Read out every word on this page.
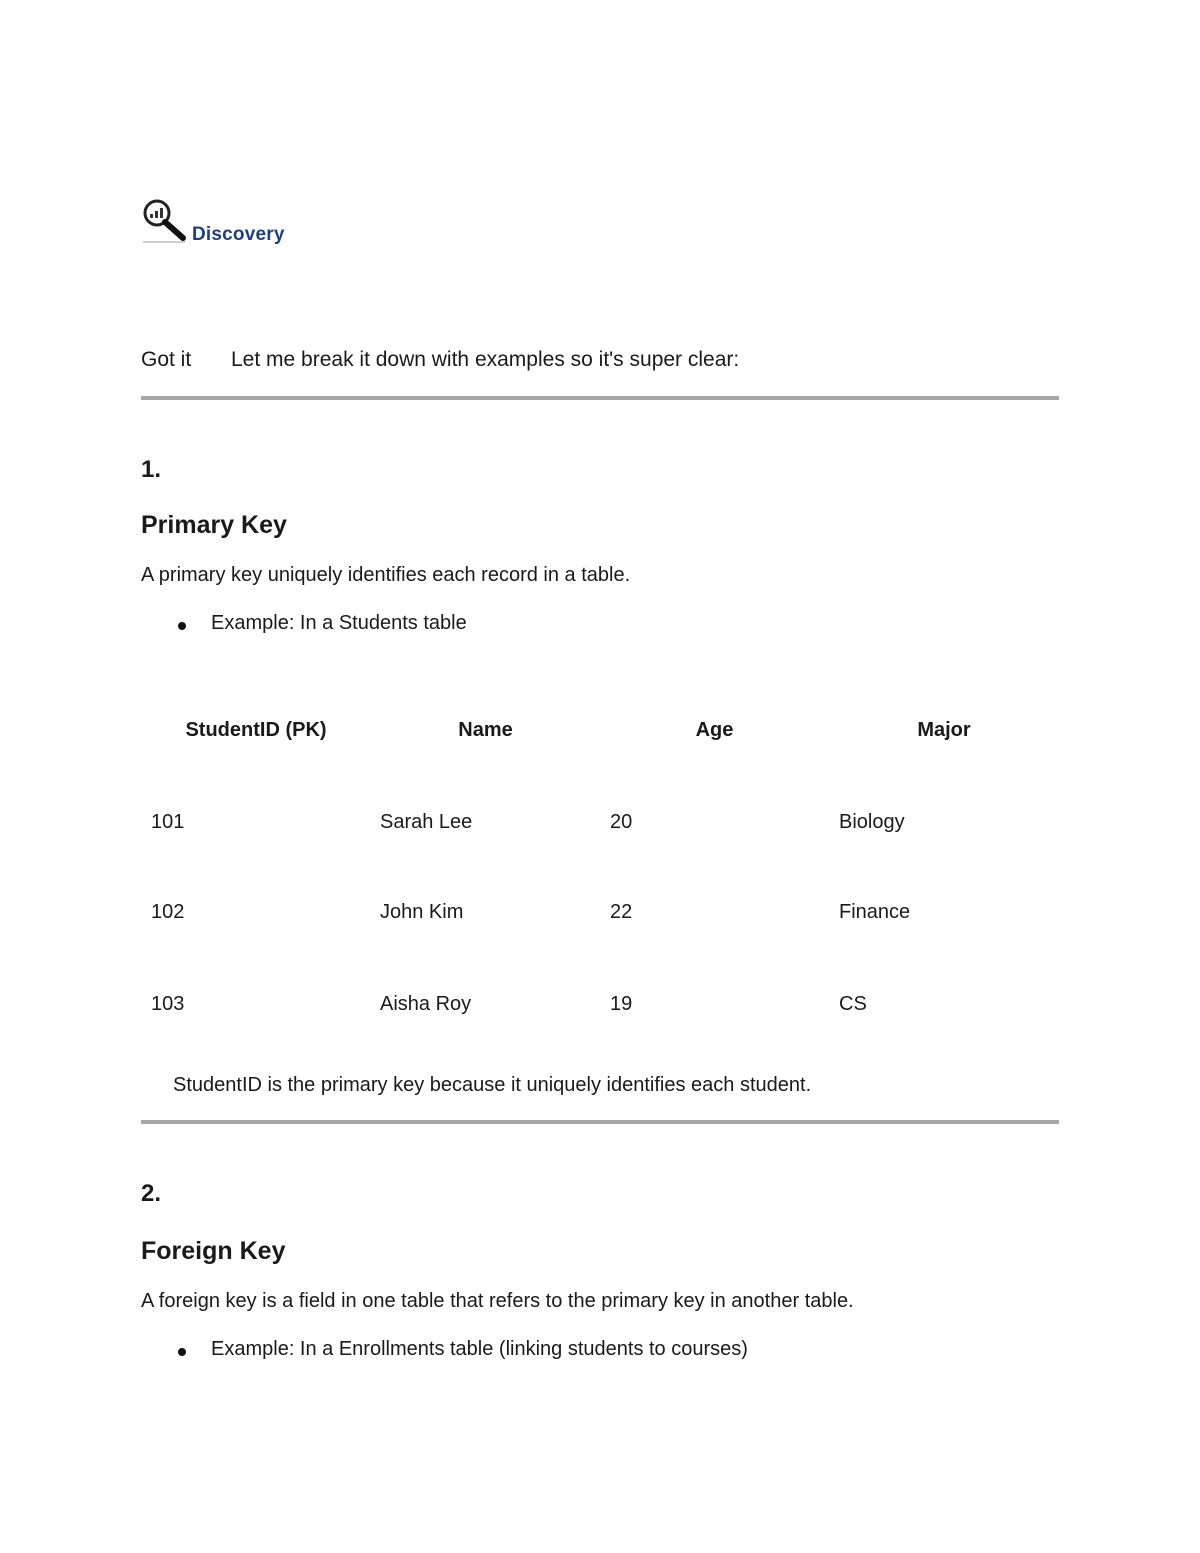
Discovery
Got it Let me break it down with examples so it's super clear:
1.
Primary Key
A primary key uniquely identifies each record in a table.
Example: In a Students table
StudentID (PK)	Name	Age	Major
101	Sarah Lee	20	Biology
102	John Kim	22	Finance
103	Aisha Roy	19	CS
StudentID is the primary key because it uniquely identifies each student.
2.
Foreign Key
A foreign key is a field in one table that refers to the primary key in another table.
Example: In a Enrollments table (linking students to courses)
